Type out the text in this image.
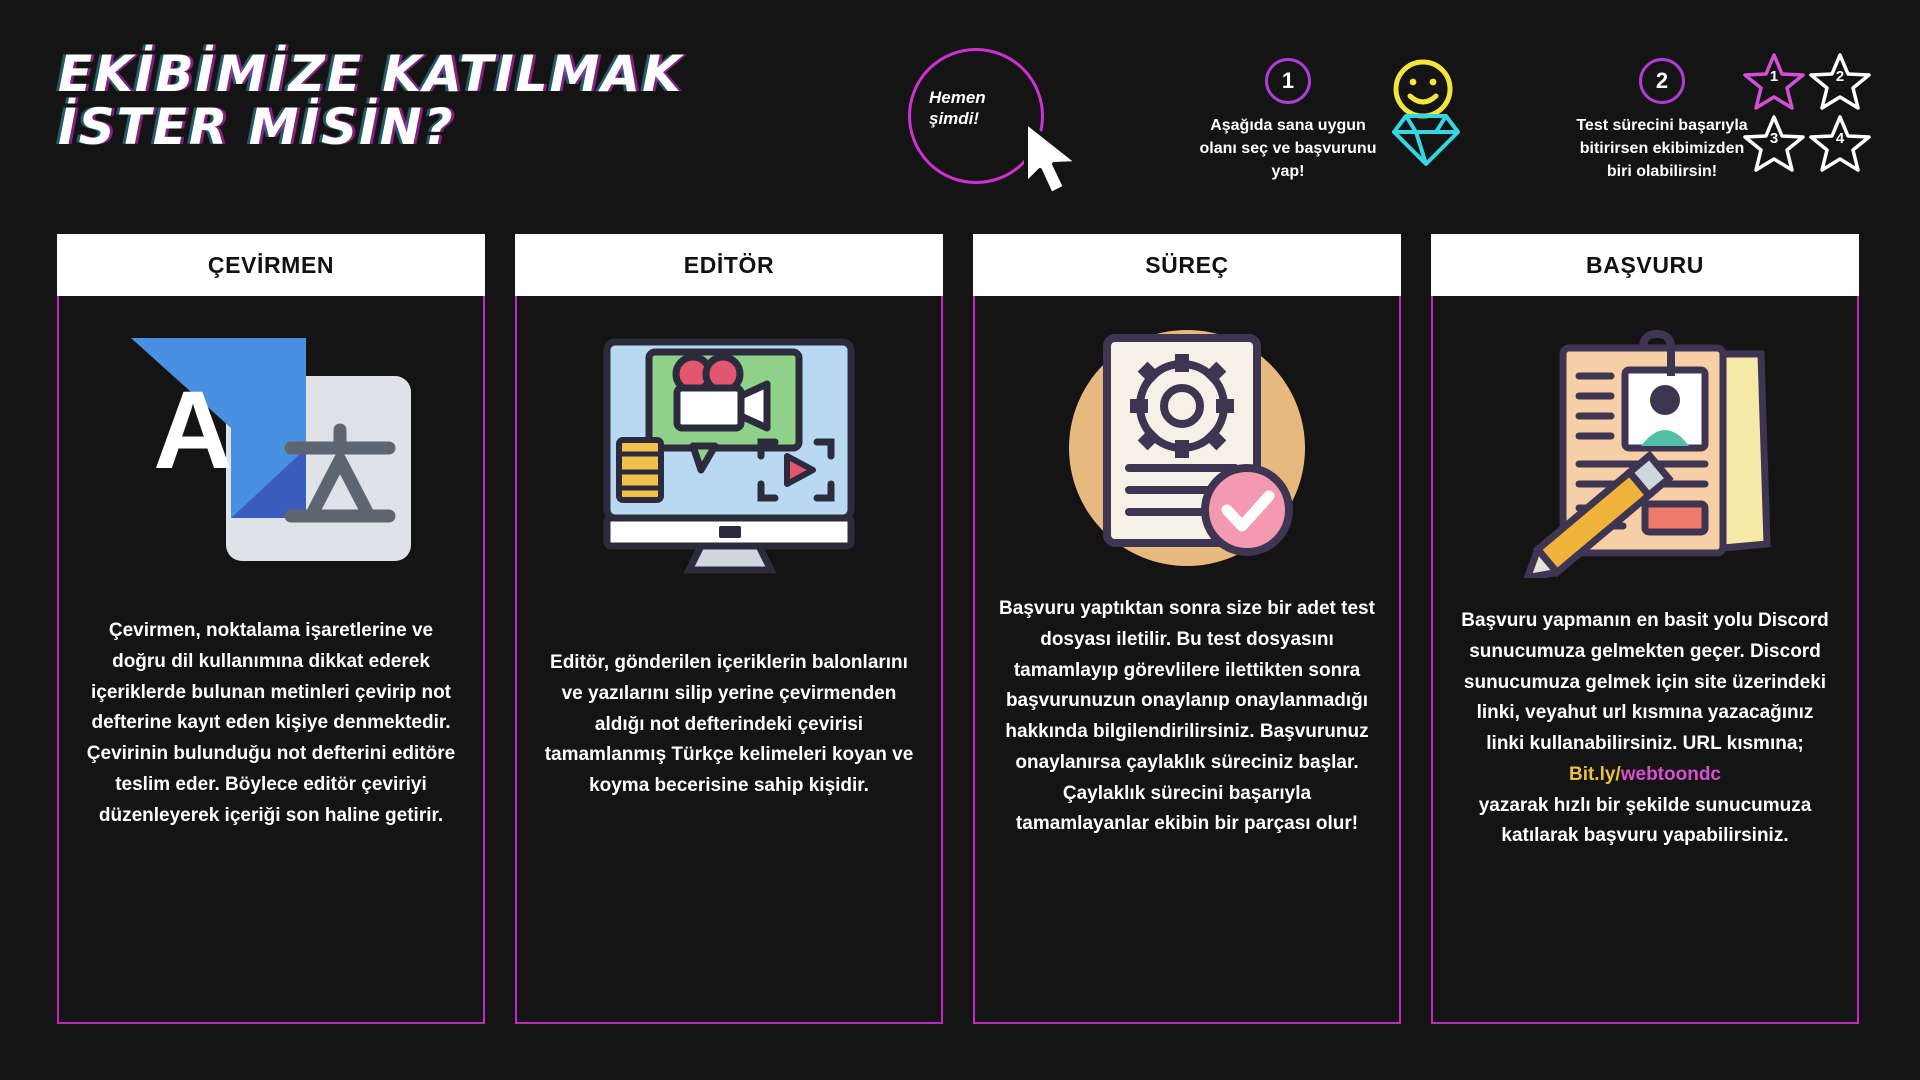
EKİBİMİZE KATILMAK
İSTER MİSİN?
Hemen
şimdi!
1
Aşağıda sana uygun olanı seç ve başvurunu yap!
2
Test sürecini başarıyla bitirirsen ekibimizden biri olabilirsin!
1	2
3	4
ÇEVİRMEN
A
Çevirmen, noktalama işaretlerine ve doğru dil kullanımına dikkat ederek içeriklerde bulunan metinleri çevirip not defterine kayıt eden kişiye denmektedir. Çevirinin bulunduğu not defterini editöre teslim eder. Böylece editör çeviriyi düzenleyerek içeriği son haline getirir.
EDİTÖR
Editör, gönderilen içeriklerin balonlarını ve yazılarını silip yerine çevirmenden aldığı not defterindeki çevirisi tamamlanmış Türkçe kelimeleri koyan ve koyma becerisine sahip kişidir.
SÜREÇ
Başvuru yaptıktan sonra size bir adet test dosyası iletilir. Bu test dosyasını tamamlayıp görevlilere ilettikten sonra başvurunuzun onaylanıp onaylanmadığı hakkında bilgilendirilirsiniz. Başvurunuz onaylanırsa çaylaklık süreciniz başlar. Çaylaklık sürecini başarıyla tamamlayanlar ekibin bir parçası olur!
BAŞVURU
Başvuru yapmanın en basit yolu Discord sunucumuza gelmekten geçer. Discord sunucumuza gelmek için site üzerindeki linki, veyahut url kısmına yazacağınız linki kullanabilirsiniz. URL kısmına;
Bit.ly/webtoondc
yazarak hızlı bir şekilde sunucumuza katılarak başvuru yapabilirsiniz.
